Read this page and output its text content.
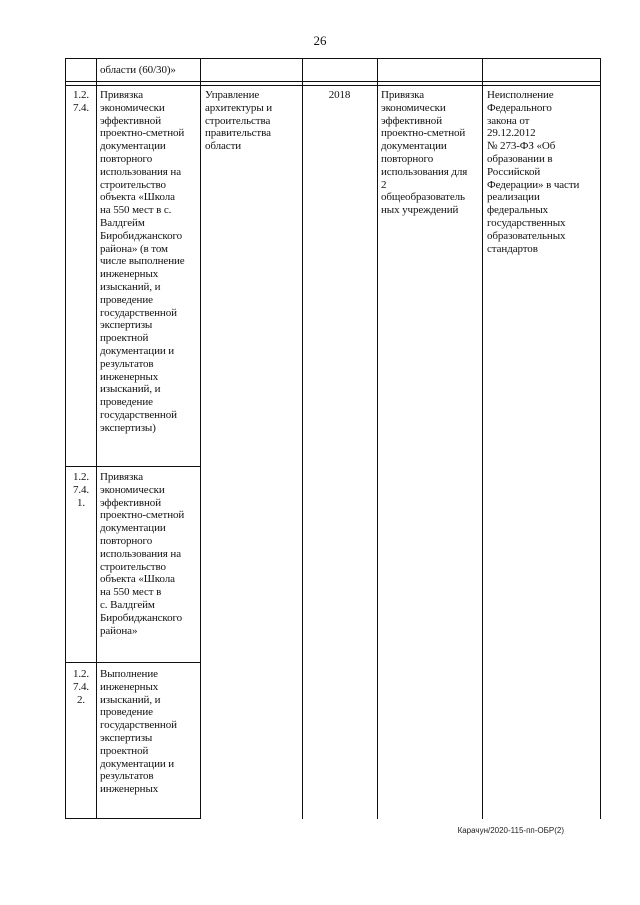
26
области (60/30)»
1.2.
7.4.
Привязка
экономически
эффективной
проектно-сметной
документации
повторного
использования на
строительство
объекта «Школа
на 550 мест в с.
Валдгейм
Биробиджанского
района» (в том
числе выполнение
инженерных
изысканий, и
проведение
государственной
экспертизы
проектной
документации и
результатов
инженерных
изысканий, и
проведение
государственной
экспертизы)
Управление
архитектуры и
строительства
правительства
области
2018	Привязка
экономически
эффективной
проектно-сметной
документации
повторного
использования для
2
общеобразователь
ных учреждений
Неисполнение
Федерального
закона от
29.12.2012
№ 273-ФЗ «Об
образовании в
Российской
Федерации» в части
реализации
федеральных
государственных
образовательных
стандартов
1.2.
7.4.
1.
Привязка
экономически
эффективной
проектно-сметной
документации
повторного
использования на
строительство
объекта «Школа
на 550 мест в
с. Валдгейм
Биробиджанского
района»
1.2.
7.4.
2.
Выполнение
инженерных
изысканий, и
проведение
государственной
экспертизы
проектной
документации и
результатов
инженерных
Карачун/2020-115-пп-ОБР(2)
